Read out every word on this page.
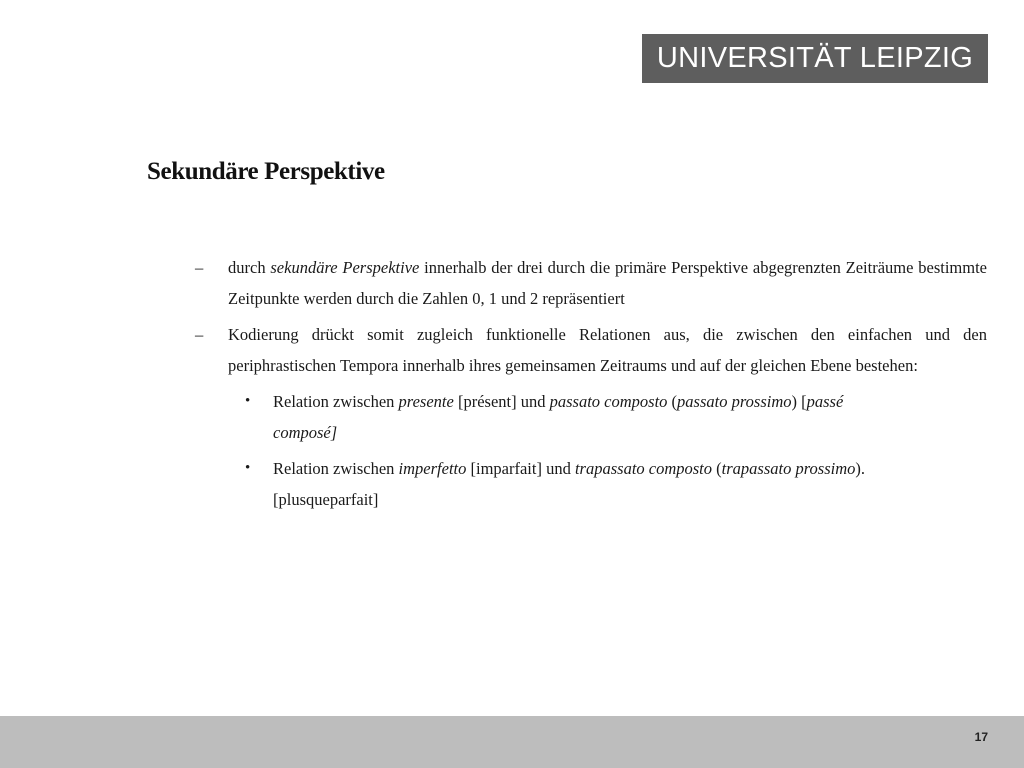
UNIVERSITÄT LEIPZIG
Sekundäre Perspektive
– durch sekundäre Perspektive innerhalb der drei durch die primäre Perspektive abgegrenzten Zeiträume bestimmte Zeitpunkte werden durch die Zahlen 0, 1 und 2 repräsentiert
– Kodierung drückt somit zugleich funktionelle Relationen aus, die zwischen den einfachen und den periphrastischen Tempora innerhalb ihres gemeinsamen Zeitraums und auf der gleichen Ebene bestehen:
• Relation zwischen presente [présent] und passato composto (passato prossimo) [passé composé]
• Relation zwischen imperfetto [imparfait] und trapassato composto (trapassato prossimo).[plusqueparfait]
17
